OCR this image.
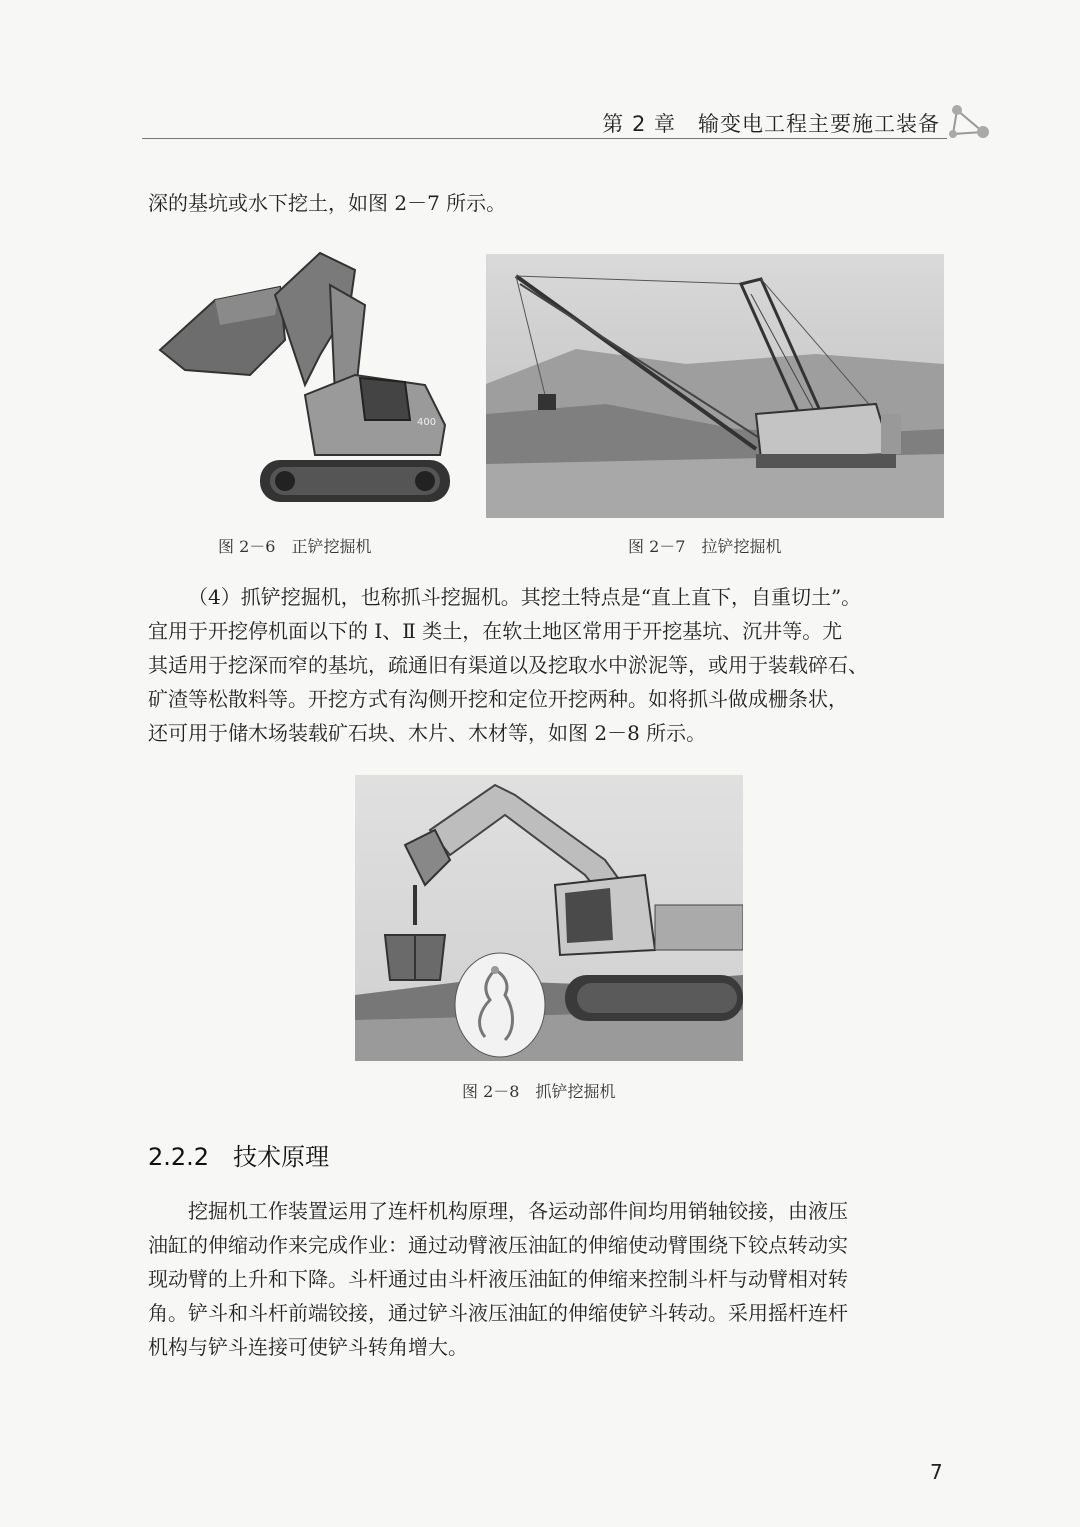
第 2 章　输变电工程主要施工装备

深的基坑或水下挖土，如图 2－7 所示。

400
图 2－6　正铲挖掘机	图 2－7　拉铲挖掘机

（4）抓铲挖掘机，也称抓斗挖掘机。其挖土特点是“直上直下，自重切土”。

宜用于开挖停机面以下的 Ⅰ、Ⅱ 类土，在软土地区常用于开挖基坑、沉井等。尤

其适用于挖深而窄的基坑，疏通旧有渠道以及挖取水中淤泥等，或用于装载碎石、

矿渣等松散料等。开挖方式有沟侧开挖和定位开挖两种。如将抓斗做成栅条状，

还可用于储木场装载矿石块、木片、木材等，如图 2－8 所示。

图 2－8　抓铲挖掘机
2.2.2 技术原理

挖掘机工作装置运用了连杆机构原理，各运动部件间均用销轴铰接，由液压

油缸的伸缩动作来完成作业：通过动臂液压油缸的伸缩使动臂围绕下铰点转动实

现动臂的上升和下降。斗杆通过由斗杆液压油缸的伸缩来控制斗杆与动臂相对转

角。铲斗和斗杆前端铰接，通过铲斗液压油缸的伸缩使铲斗转动。采用摇杆连杆

机构与铲斗连接可使铲斗转角增大。

7
